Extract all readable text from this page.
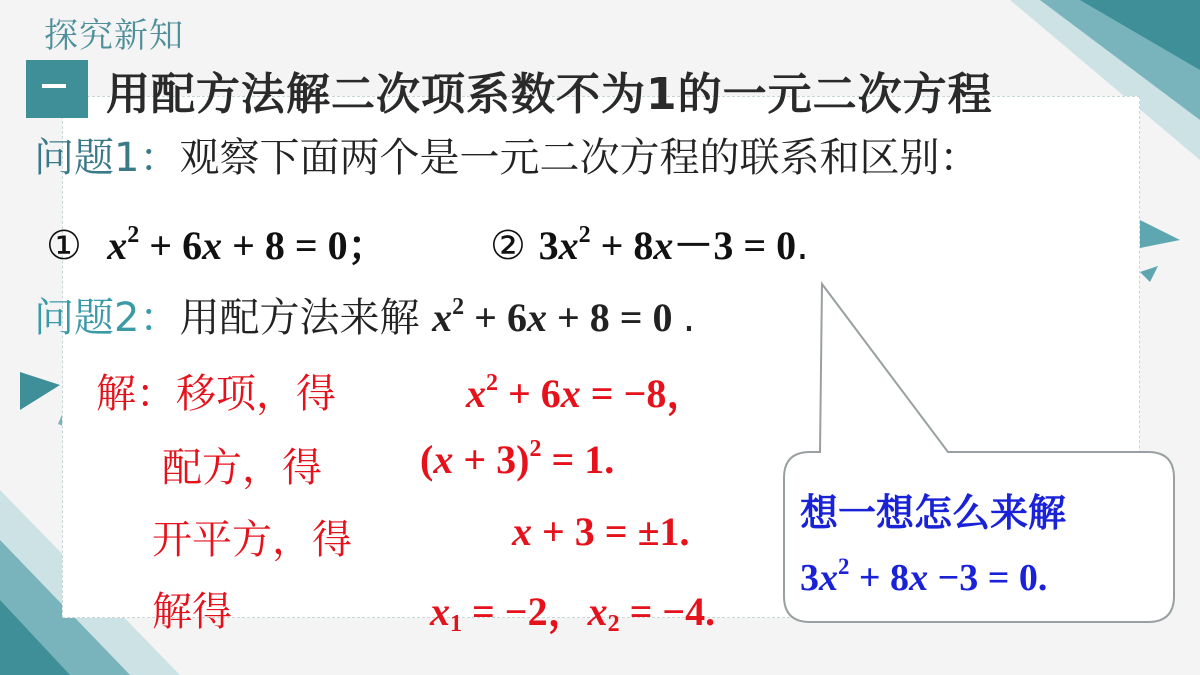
探究新知
用配方法解二次项系数不为1的一元二次方程
问题1：观察下面两个是一元二次方程的联系和区别：
① $x^2 + 6x + 8 = 0$；	② $3x^2 + 8x-3 = 0$.
问题2：用配方法来解 $x^2 + 6x + 8 = 0$ .
解：移项，得	$x^2 + 6x = -8$，
配方，得 $(x + 3)^2 = 1$.
开平方，得	x + 3 = ±1.
解得	$x_1 = -2$，$x_2 = -4$.
想一想怎么来解
$3x^2 + 8x -3 = 0$.
